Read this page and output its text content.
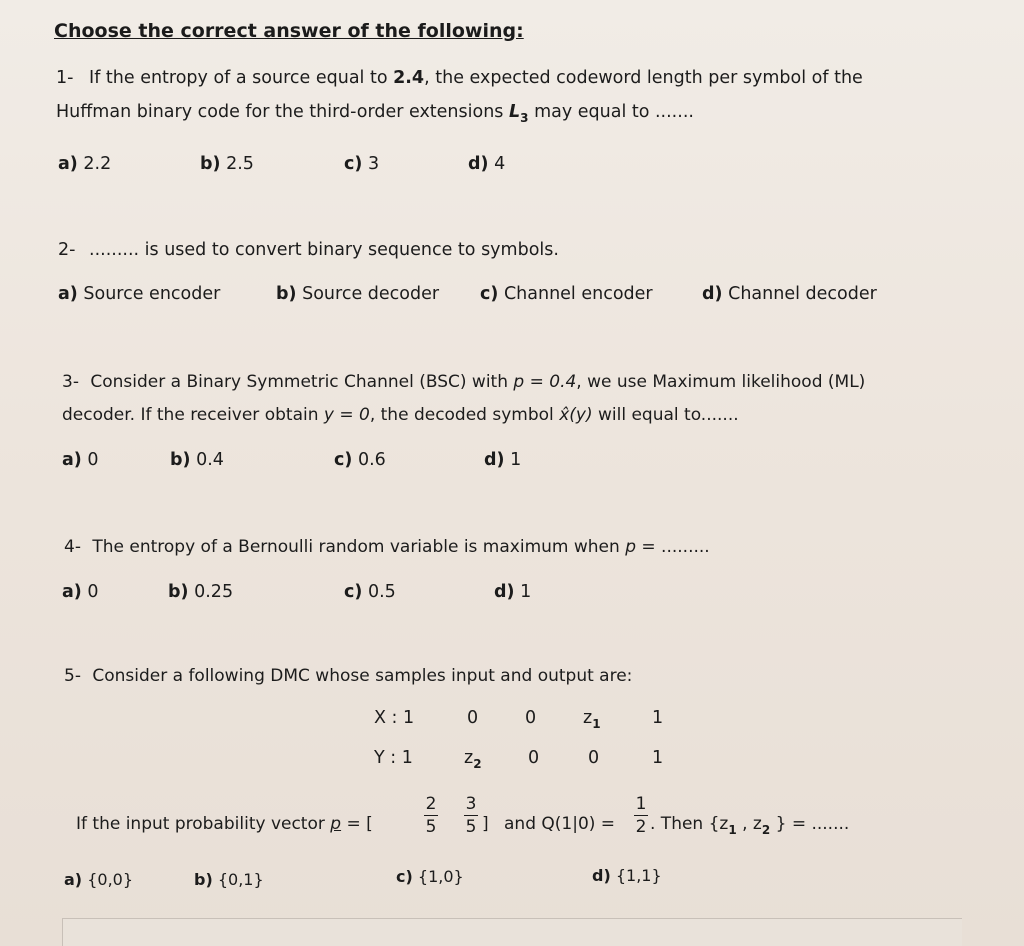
Choose the correct answer of the following:
1- If the entropy of a source equal to 2.4, the expected codeword length per symbol of the
Huffman binary code for the third-order extensions $L_3$ may equal to .......
a) 2.2	b) 2.5	c) 3	d) 4
2- ......... is used to convert binary sequence to symbols.
a) Source encoder	b) Source decoder c) Channel encoder	d) Channel decoder
3- Consider a Binary Symmetric Channel (BSC) with p = 0.4, we use Maximum likelihood (ML)
decoder. If the receiver obtain y = 0, the decoded symbol x̂(y) will equal to.......
a) 0	b) 0.4	c) 0.6	d) 1
4- The entropy of a Bernoulli random variable is maximum when p = .........
a) 0	b) 0.25	c) 0.5	d) 1
5- Consider a following DMC whose samples input and output are:
X : 1	0	0	$z_1$	1
Y : 1	$z_2$	0	0	1
If the input probability vector p = [
2
5
3
5 ] and Q(1|0) =
1
2 . Then {$z_1$ , $z_2$ } = .......
a) {0,0}	b) {0,1}	c) {1,0}	d) {1,1}
